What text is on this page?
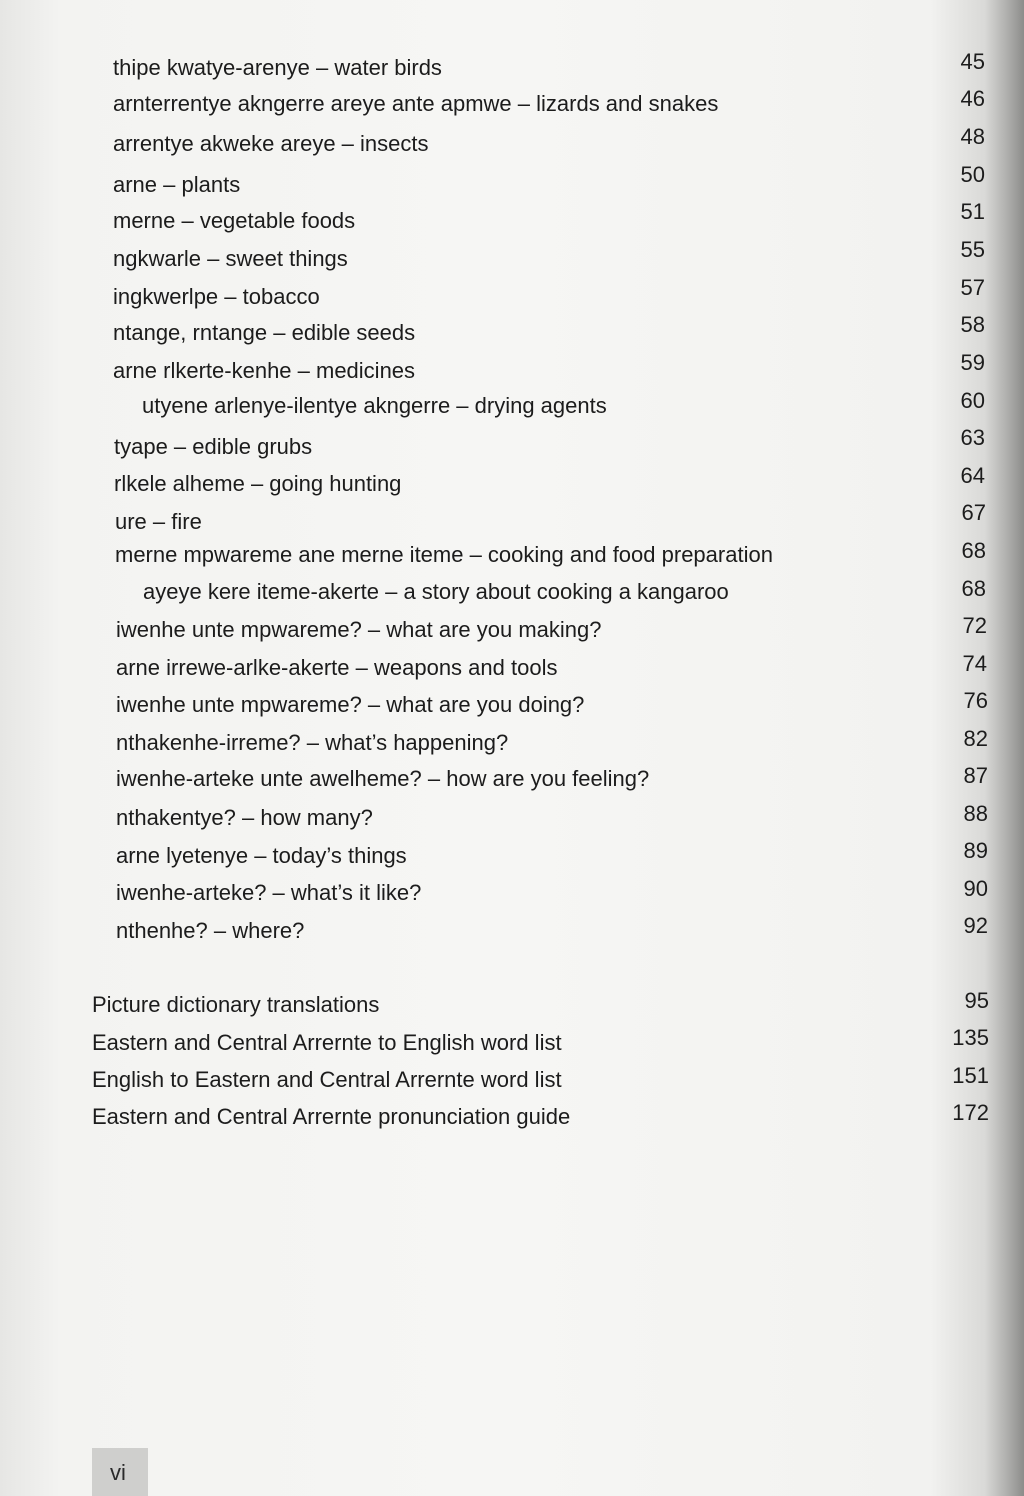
thipe kwatye-arenye – water birds	45
arnterrentye akngerre areye ante apmwe – lizards and snakes	46
arrentye akweke areye – insects	48
arne – plants	50
merne – vegetable foods	51
ngkwarle – sweet things	55
ingkwerlpe – tobacco	57
ntange, rntange – edible seeds	58
arne rlkerte-kenhe – medicines	59
utyene arlenye-ilentye akngerre – drying agents	60
tyape – edible grubs	63
rlkele alheme – going hunting	64
ure – fire	67
merne mpwareme ane merne iteme – cooking and food preparation	68
ayeye kere iteme-akerte – a story about cooking a kangaroo	68
iwenhe unte mpwareme? – what are you making?	72
arne irrewe-arlke-akerte – weapons and tools	74
iwenhe unte mpwareme? – what are you doing?	76
nthakenhe-irreme? – what’s happening?	82
iwenhe-arteke unte awelheme? – how are you feeling?	87
nthakentye? – how many?	88
arne lyetenye – today’s things	89
iwenhe-arteke? – what’s it like?	90
nthenhe? – where?	92
Picture dictionary translations	95
Eastern and Central Arrernte to English word list	135
English to Eastern and Central Arrernte word list	151
Eastern and Central Arrernte pronunciation guide	172
vi
